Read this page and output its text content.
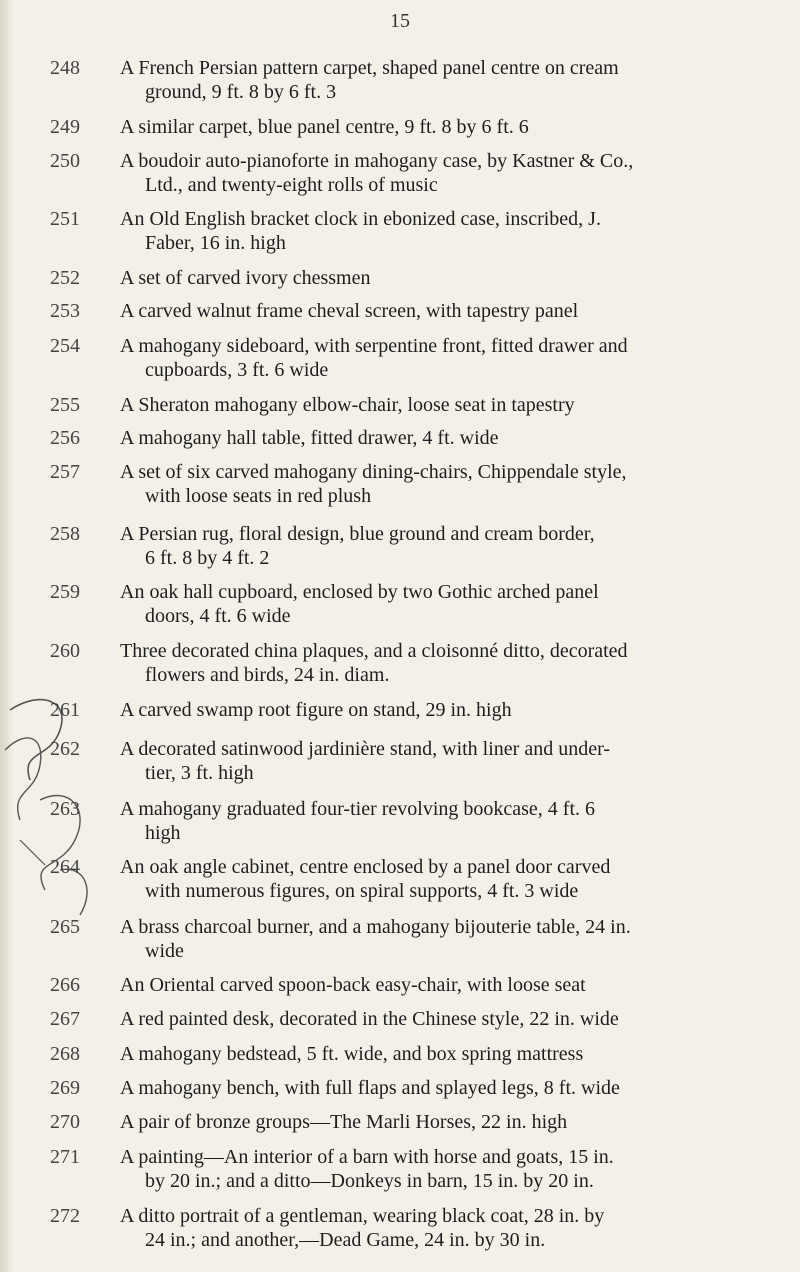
15
248 A French Persian pattern carpet, shaped panel centre on cream
ground, 9 ft. 8 by 6 ft. 3
249 A similar carpet, blue panel centre, 9 ft. 8 by 6 ft. 6
250 A boudoir auto-pianoforte in mahogany case, by Kastner & Co.,
Ltd., and twenty-eight rolls of music
251 An Old English bracket clock in ebonized case, inscribed, J.
Faber, 16 in. high
252 A set of carved ivory chessmen
253 A carved walnut frame cheval screen, with tapestry panel
254 A mahogany sideboard, with serpentine front, fitted drawer and
cupboards, 3 ft. 6 wide
255 A Sheraton mahogany elbow-chair, loose seat in tapestry
256 A mahogany hall table, fitted drawer, 4 ft. wide
257 A set of six carved mahogany dining-chairs, Chippendale style,
with loose seats in red plush
258 A Persian rug, floral design, blue ground and cream border,
6 ft. 8 by 4 ft. 2
259 An oak hall cupboard, enclosed by two Gothic arched panel
doors, 4 ft. 6 wide
260 Three decorated china plaques, and a cloisonné ditto, decorated
flowers and birds, 24 in. diam.
261 A carved swamp root figure on stand, 29 in. high
262 A decorated satinwood jardinière stand, with liner and under-
tier, 3 ft. high
263 A mahogany graduated four-tier revolving bookcase, 4 ft. 6
high
264 An oak angle cabinet, centre enclosed by a panel door carved
with numerous figures, on spiral supports, 4 ft. 3 wide
265 A brass charcoal burner, and a mahogany bijouterie table, 24 in.
wide
266 An Oriental carved spoon-back easy-chair, with loose seat
267 A red painted desk, decorated in the Chinese style, 22 in. wide
268 A mahogany bedstead, 5 ft. wide, and box spring mattress
269 A mahogany bench, with full flaps and splayed legs, 8 ft. wide
270 A pair of bronze groups—The Marli Horses, 22 in. high
271 A painting—An interior of a barn with horse and goats, 15 in.
by 20 in.; and a ditto—Donkeys in barn, 15 in. by 20 in.
272 A ditto portrait of a gentleman, wearing black coat, 28 in. by
24 in.; and another,—Dead Game, 24 in. by 30 in.
